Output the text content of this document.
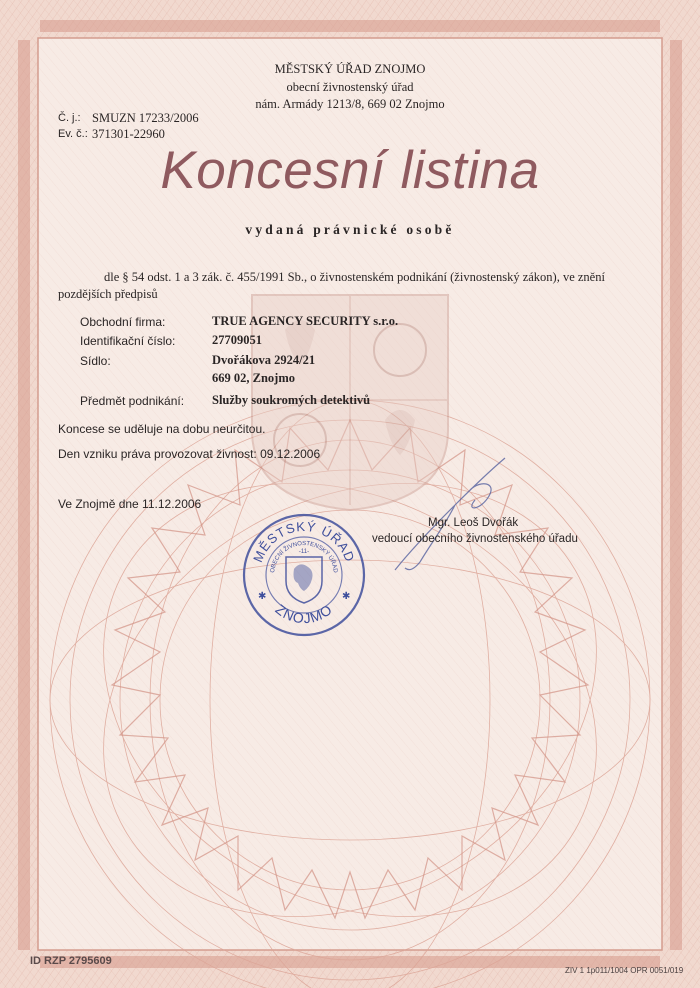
MĚSTSKÝ ÚŘAD ZNOJMO
obecní živnostenský úřad
nám. Armády 1213/8, 669 02 Znojmo
Č. j.: SMUZN 17233/2006
Ev. č.: 371301-22960
Koncesní listina
vydaná právnické osobě
dle § 54 odst. 1 a 3 zák. č. 455/1991 Sb., o živnostenském podnikání (živnostenský zákon), ve znění
pozdějších předpisů
Obchodní firma:	TRUE AGENCY SECURITY s.r.o.
Identifikační číslo:	27709051
Sídlo:	Dvořákova 2924/21
669 02, Znojmo
Předmět podnikání: Služby soukromých detektivů
Koncese se uděluje na dobu neurčitou.
Den vzniku práva provozovat živnost: 09.12.2006
Ve Znojmě dne 11.12.2006
Mgr. Leoš Dvořák
vedoucí obecního živnostenského úřadu
MĚSTSKÝ ÚŘAD
OBECNÍ ŽIVNOSTENSKÝ ÚŘAD
ZNOJMO
-11-
✱	✱
ID RZP 2795609
ZIV 1 1p011/1004 OPR 0051/019
